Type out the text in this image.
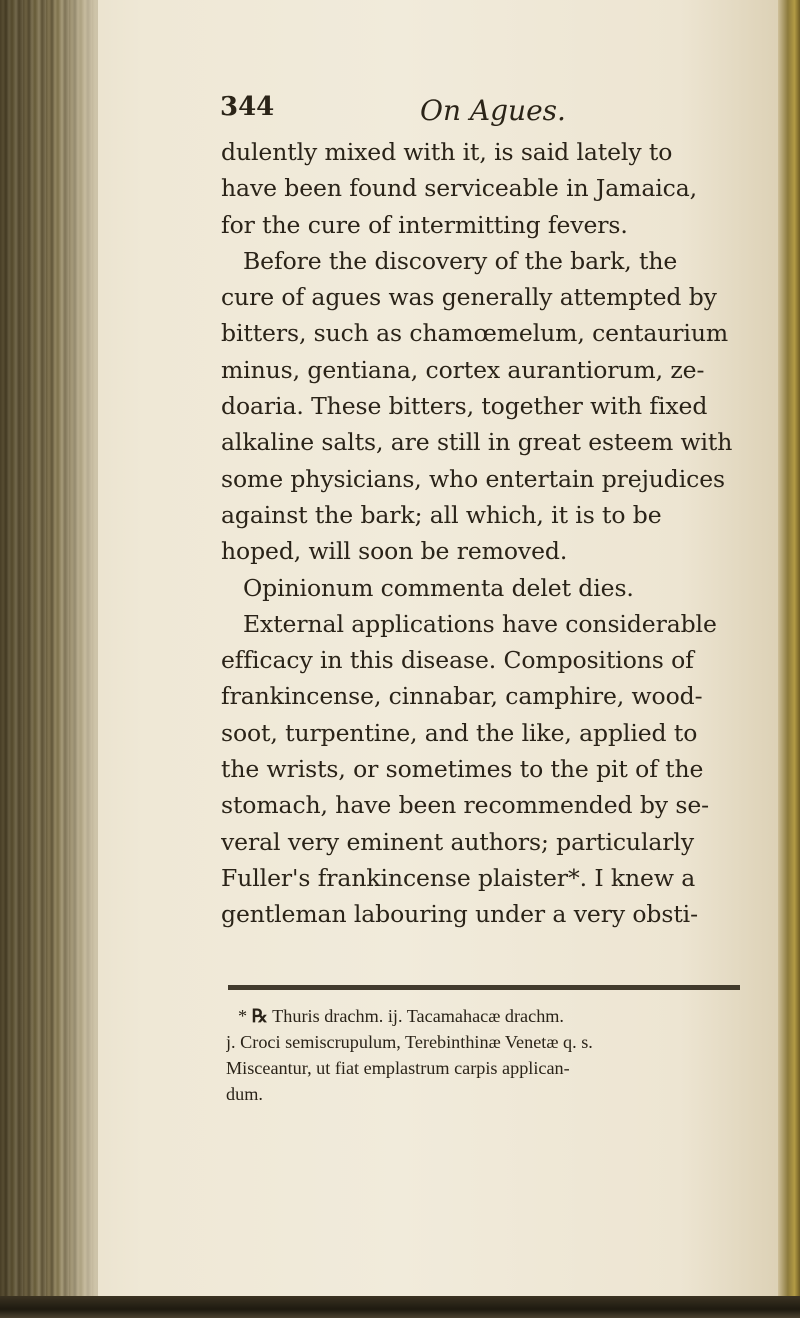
344	On Agues.
dulently mixed with it, is said lately to
have been found serviceable in Jamaica,
for the cure of intermitting fevers.
Before the discovery of the bark, the
cure of agues was generally attempted by
bitters, such as chamœmelum, centaurium
minus, gentiana, cortex aurantiorum, ze-
doaria. These bitters, together with fixed
alkaline salts, are still in great esteem with
some physicians, who entertain prejudices
against the bark; all which, it is to be
hoped, will soon be removed.
Opinionum commenta delet dies.
External applications have considerable
efficacy in this disease. Compositions of
frankincense, cinnabar, camphire, wood-
soot, turpentine, and the like, applied to
the wrists, or sometimes to the pit of the
stomach, have been recommended by se-
veral very eminent authors; particularly
Fuller's frankincense plaister*. I knew a
gentleman labouring under a very obsti-
* ℞ Thuris drachm. ij. Tacamahacæ drachm.
j. Croci semiscrupulum, Terebinthinæ Venetæ q. s.
Misceantur, ut fiat emplastrum carpis applican-
dum.
